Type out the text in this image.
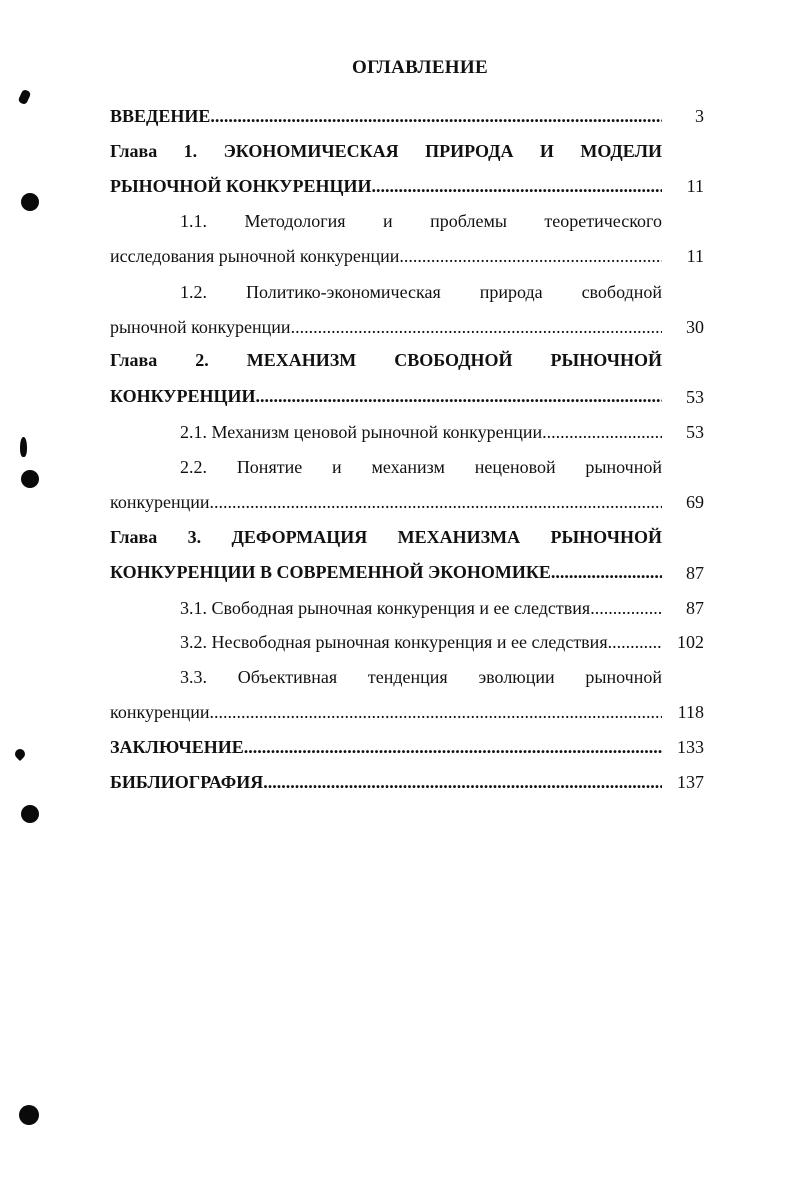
ОГЛАВЛЕНИЕ
ВВЕДЕНИЕ .....	3
Глава 1. ЭКОНОМИЧЕСКАЯ ПРИРОДА И МОДЕЛИ
РЫНОЧНОЙ КОНКУРЕНЦИИ .....	11
1.1. Методология и проблемы теоретического
исследования рыночной конкуренции .....	11
1.2. Политико-экономическая природа свободной
рыночной конкуренции .....	30
Глава 2. МЕХАНИЗМ СВОБОДНОЙ РЫНОЧНОЙ
КОНКУРЕНЦИИ .....	53
2.1. Механизм ценовой рыночной конкуренции .....	53
2.2. Понятие и механизм неценовой рыночной
конкуренции .....	69
Глава 3. ДЕФОРМАЦИЯ МЕХАНИЗМА РЫНОЧНОЙ
КОНКУРЕНЦИИ В СОВРЕМЕННОЙ ЭКОНОМИКЕ .....	87
3.1. Свободная рыночная конкуренция и ее следствия .....	87
3.2. Несвободная рыночная конкуренция и ее следствия .....	102
3.3. Объективная тенденция эволюции рыночной
конкуренции .....	118
ЗАКЛЮЧЕНИЕ .....	133
БИБЛИОГРАФИЯ .....	137
